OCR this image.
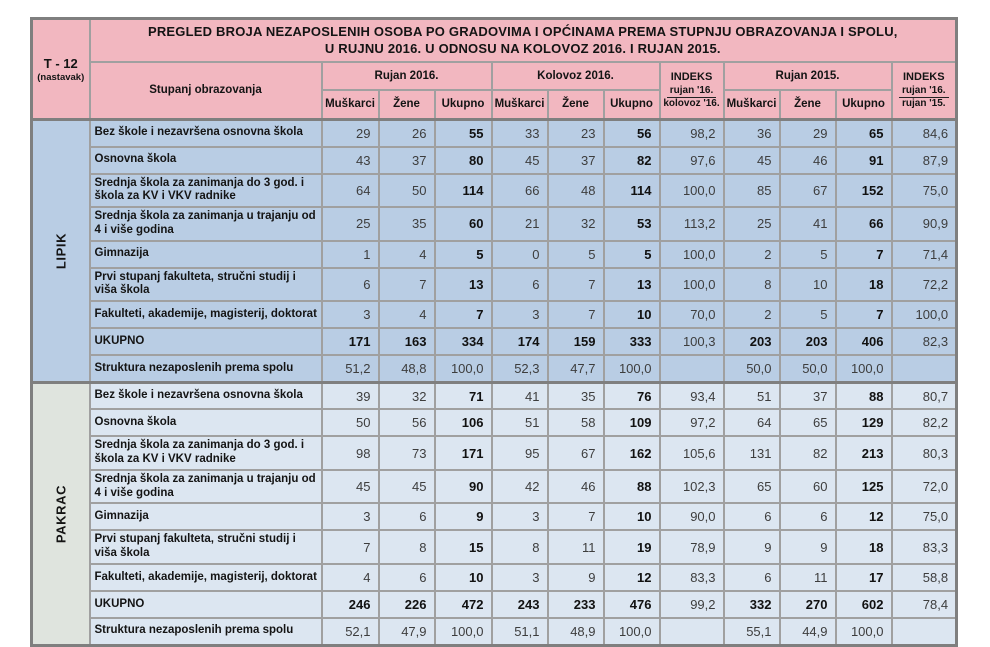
T - 12
(nastavak)

PREGLED BROJA NEZAPOSLENIH OSOBA PO GRADOVIMA I OPĆINAMA PREMA STUPNJU OBRAZOVANJA I SPOLU,
U RUJNU 2016. U ODNOSU NA KOLOVOZ 2016. I RUJAN 2015.

Stupanj obrazovanja	Rujan 2016.	Kolovoz 2016.	INDEKS
rujan '16.
kolovoz '16.
	Rujan 2015.	INDEKS
rujan '16.
rujan '15.

		Muškarci	Žene	Ukupno	Muškarci	Žene	Ukupno		Muškarci	Žene	Ukupno	

LIPIK	Bez škole i nezavršena osnovna škola	29	26	55	33	23	56	98,2	36	29	65	84,6
	Osnovna škola	43	37	80	45	37	82	97,6	45	46	91	87,9
	Srednja škola za zanimanja do 3 god. i škola za KV i VKV radnike	64	50	114	66	48	114	100,0	85	67	152	75,0
	Srednja škola za zanimanja u trajanju od 4 i više godina	25	35	60	21	32	53	113,2	25	41	66	90,9
	Gimnazija	1	4	5	0	5	5	100,0	2	5	7	71,4
	Prvi stupanj fakulteta, stručni studij i viša škola	6	7	13	6	7	13	100,0	8	10	18	72,2
	Fakulteti, akademije, magisterij, doktorat	3	4	7	3	7	10	70,0	2	5	7	100,0
	UKUPNO	171	163	334	174	159	333	100,3	203	203	406	82,3
	Struktura nezaposlenih prema spolu	51,2	48,8	100,0	52,3	47,7	100,0		50,0	50,0	100,0	

PAKRAC	Bez škole i nezavršena osnovna škola	39	32	71	41	35	76	93,4	51	37	88	80,7
	Osnovna škola	50	56	106	51	58	109	97,2	64	65	129	82,2
	Srednja škola za zanimanja do 3 god. i škola za KV i VKV radnike	98	73	171	95	67	162	105,6	131	82	213	80,3
	Srednja škola za zanimanja u trajanju od 4 i više godina	45	45	90	42	46	88	102,3	65	60	125	72,0
	Gimnazija	3	6	9	3	7	10	90,0	6	6	12	75,0
	Prvi stupanj fakulteta, stručni studij i viša škola	7	8	15	8	11	19	78,9	9	9	18	83,3
	Fakulteti, akademije, magisterij, doktorat	4	6	10	3	9	12	83,3	6	11	17	58,8
	UKUPNO	246	226	472	243	233	476	99,2	332	270	602	78,4
	Struktura nezaposlenih prema spolu	52,1	47,9	100,0	51,1	48,9	100,0		55,1	44,9	100,0	
